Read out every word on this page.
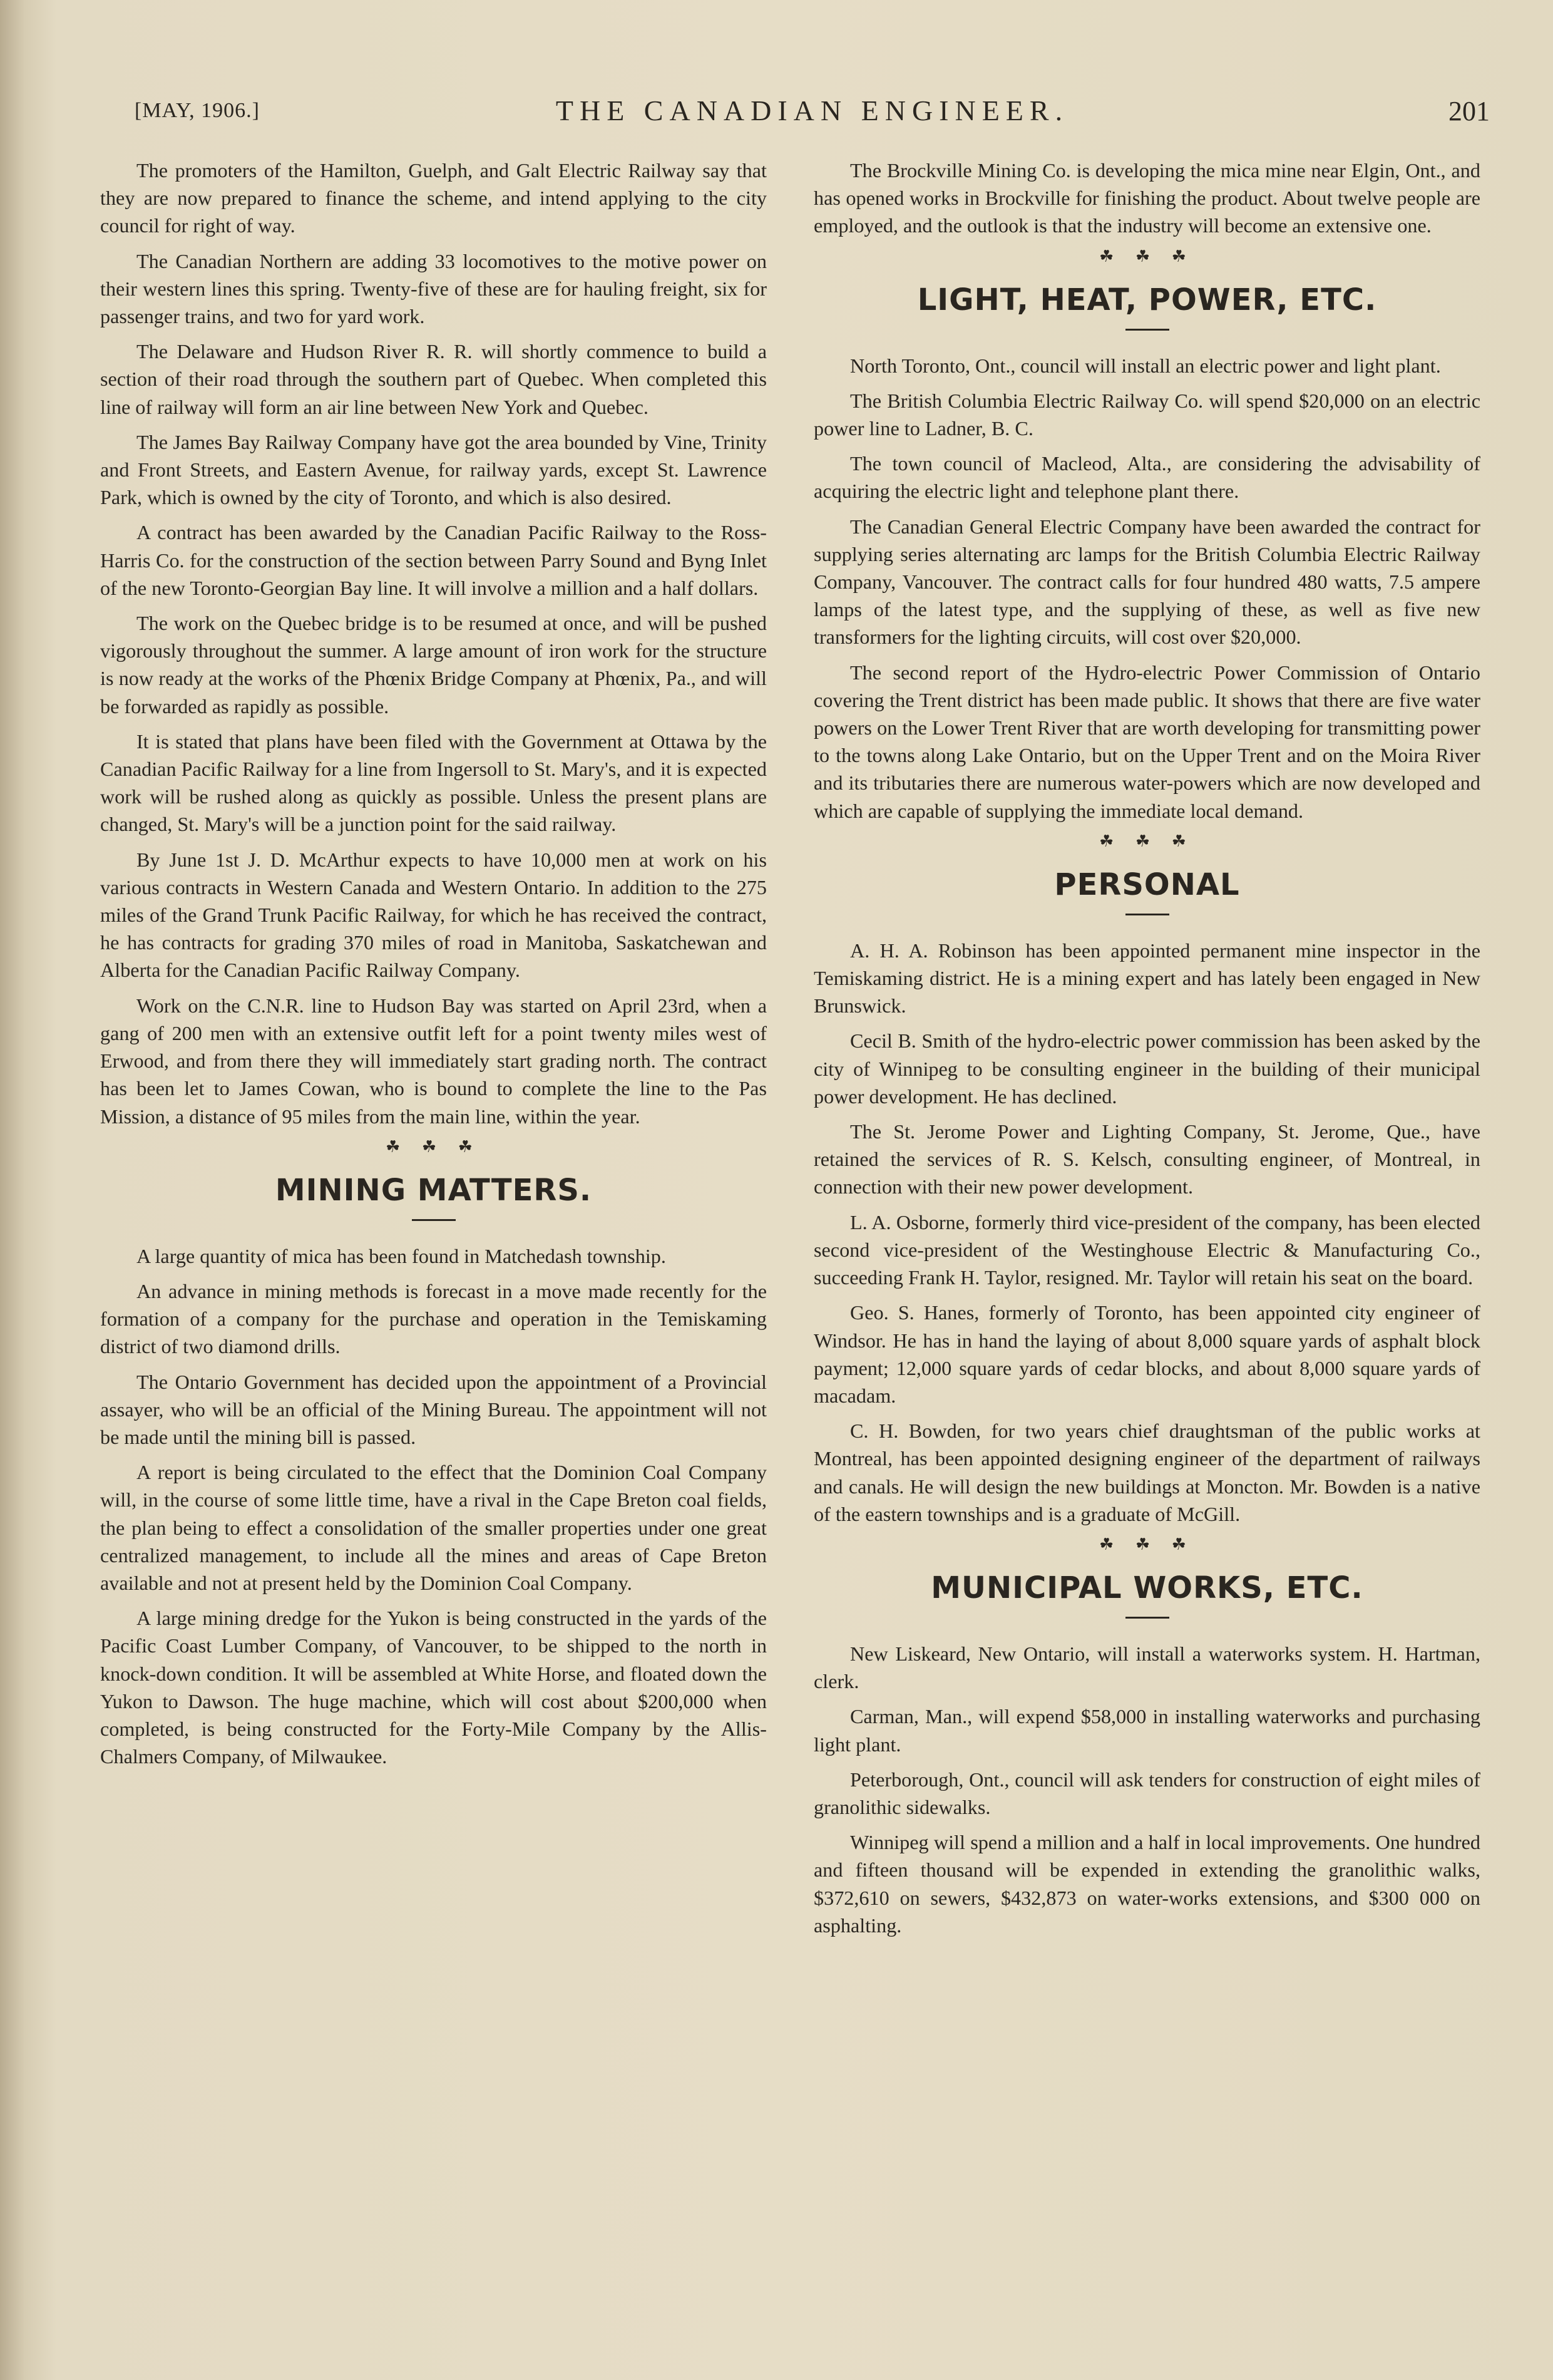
[MAY, 1906.]	THE CANADIAN ENGINEER.	201

The promoters of the Hamilton, Guelph, and Galt Electric Railway say that they are now prepared to finance the scheme, and intend applying to the city council for right of way.

The Canadian Northern are adding 33 locomotives to the motive power on their western lines this spring. Twenty-five of these are for hauling freight, six for passenger trains, and two for yard work.

The Delaware and Hudson River R. R. will shortly commence to build a section of their road through the southern part of Quebec. When completed this line of railway will form an air line between New York and Quebec.

The James Bay Railway Company have got the area bounded by Vine, Trinity and Front Streets, and Eastern Avenue, for railway yards, except St. Lawrence Park, which is owned by the city of Toronto, and which is also desired.

A contract has been awarded by the Canadian Pacific Railway to the Ross-Harris Co. for the construction of the section between Parry Sound and Byng Inlet of the new Toronto-Georgian Bay line. It will involve a million and a half dollars.

The work on the Quebec bridge is to be resumed at once, and will be pushed vigorously throughout the summer. A large amount of iron work for the structure is now ready at the works of the Phœnix Bridge Company at Phœnix, Pa., and will be forwarded as rapidly as possible.

It is stated that plans have been filed with the Government at Ottawa by the Canadian Pacific Railway for a line from Ingersoll to St. Mary's, and it is expected work will be rushed along as quickly as possible. Unless the present plans are changed, St. Mary's will be a junction point for the said railway.

By June 1st J. D. McArthur expects to have 10,000 men at work on his various contracts in Western Canada and Western Ontario. In addition to the 275 miles of the Grand Trunk Pacific Railway, for which he has received the contract, he has contracts for grading 370 miles of road in Manitoba, Saskatchewan and Alberta for the Canadian Pacific Railway Company.

Work on the C.N.R. line to Hudson Bay was started on April 23rd, when a gang of 200 men with an extensive outfit left for a point twenty miles west of Erwood, and from there they will immediately start grading north. The contract has been let to James Cowan, who is bound to complete the line to the Pas Mission, a distance of 95 miles from the main line, within the year.

☘ ☘ ☘
MINING MATTERS.

A large quantity of mica has been found in Matchedash township.

An advance in mining methods is forecast in a move made recently for the formation of a company for the purchase and operation in the Temiskaming district of two diamond drills.

The Ontario Government has decided upon the appointment of a Provincial assayer, who will be an official of the Mining Bureau. The appointment will not be made until the mining bill is passed.

A report is being circulated to the effect that the Dominion Coal Company will, in the course of some little time, have a rival in the Cape Breton coal fields, the plan being to effect a consolidation of the smaller properties under one great centralized management, to include all the mines and areas of Cape Breton available and not at present held by the Dominion Coal Company.

A large mining dredge for the Yukon is being constructed in the yards of the Pacific Coast Lumber Company, of Vancouver, to be shipped to the north in knock-down condition. It will be assembled at White Horse, and floated down the Yukon to Dawson. The huge machine, which will cost about $200,000 when completed, is being constructed for the Forty-Mile Company by the Allis-Chalmers Company, of Milwaukee.

The Brockville Mining Co. is developing the mica mine near Elgin, Ont., and has opened works in Brockville for finishing the product. About twelve people are employed, and the outlook is that the industry will become an extensive one.

☘ ☘ ☘
LIGHT, HEAT, POWER, ETC.

North Toronto, Ont., council will install an electric power and light plant.

The British Columbia Electric Railway Co. will spend $20,000 on an electric power line to Ladner, B. C.

The town council of Macleod, Alta., are considering the advisability of acquiring the electric light and telephone plant there.

The Canadian General Electric Company have been awarded the contract for supplying series alternating arc lamps for the British Columbia Electric Railway Company, Vancouver. The contract calls for four hundred 480 watts, 7.5 ampere lamps of the latest type, and the supplying of these, as well as five new transformers for the lighting circuits, will cost over $20,000.

The second report of the Hydro-electric Power Commission of Ontario covering the Trent district has been made public. It shows that there are five water powers on the Lower Trent River that are worth developing for transmitting power to the towns along Lake Ontario, but on the Upper Trent and on the Moira River and its tributaries there are numerous water-powers which are now developed and which are capable of supplying the immediate local demand.

☘ ☘ ☘
PERSONAL

A. H. A. Robinson has been appointed permanent mine inspector in the Temiskaming district. He is a mining expert and has lately been engaged in New Brunswick.

Cecil B. Smith of the hydro-electric power commission has been asked by the city of Winnipeg to be consulting engineer in the building of their municipal power development. He has declined.

The St. Jerome Power and Lighting Company, St. Jerome, Que., have retained the services of R. S. Kelsch, consulting engineer, of Montreal, in connection with their new power development.

L. A. Osborne, formerly third vice-president of the company, has been elected second vice-president of the Westinghouse Electric & Manufacturing Co., succeeding Frank H. Taylor, resigned. Mr. Taylor will retain his seat on the board.

Geo. S. Hanes, formerly of Toronto, has been appointed city engineer of Windsor. He has in hand the laying of about 8,000 square yards of asphalt block payment; 12,000 square yards of cedar blocks, and about 8,000 square yards of macadam.

C. H. Bowden, for two years chief draughtsman of the public works at Montreal, has been appointed designing engineer of the department of railways and canals. He will design the new buildings at Moncton. Mr. Bowden is a native of the eastern townships and is a graduate of McGill.

☘ ☘ ☘
MUNICIPAL WORKS, ETC.

New Liskeard, New Ontario, will install a waterworks system. H. Hartman, clerk.

Carman, Man., will expend $58,000 in installing waterworks and purchasing light plant.

Peterborough, Ont., council will ask tenders for construction of eight miles of granolithic sidewalks.

Winnipeg will spend a million and a half in local improvements. One hundred and fifteen thousand will be expended in extending the granolithic walks, $372,610 on sewers, $432,873 on water-works extensions, and $300 000 on asphalting.
